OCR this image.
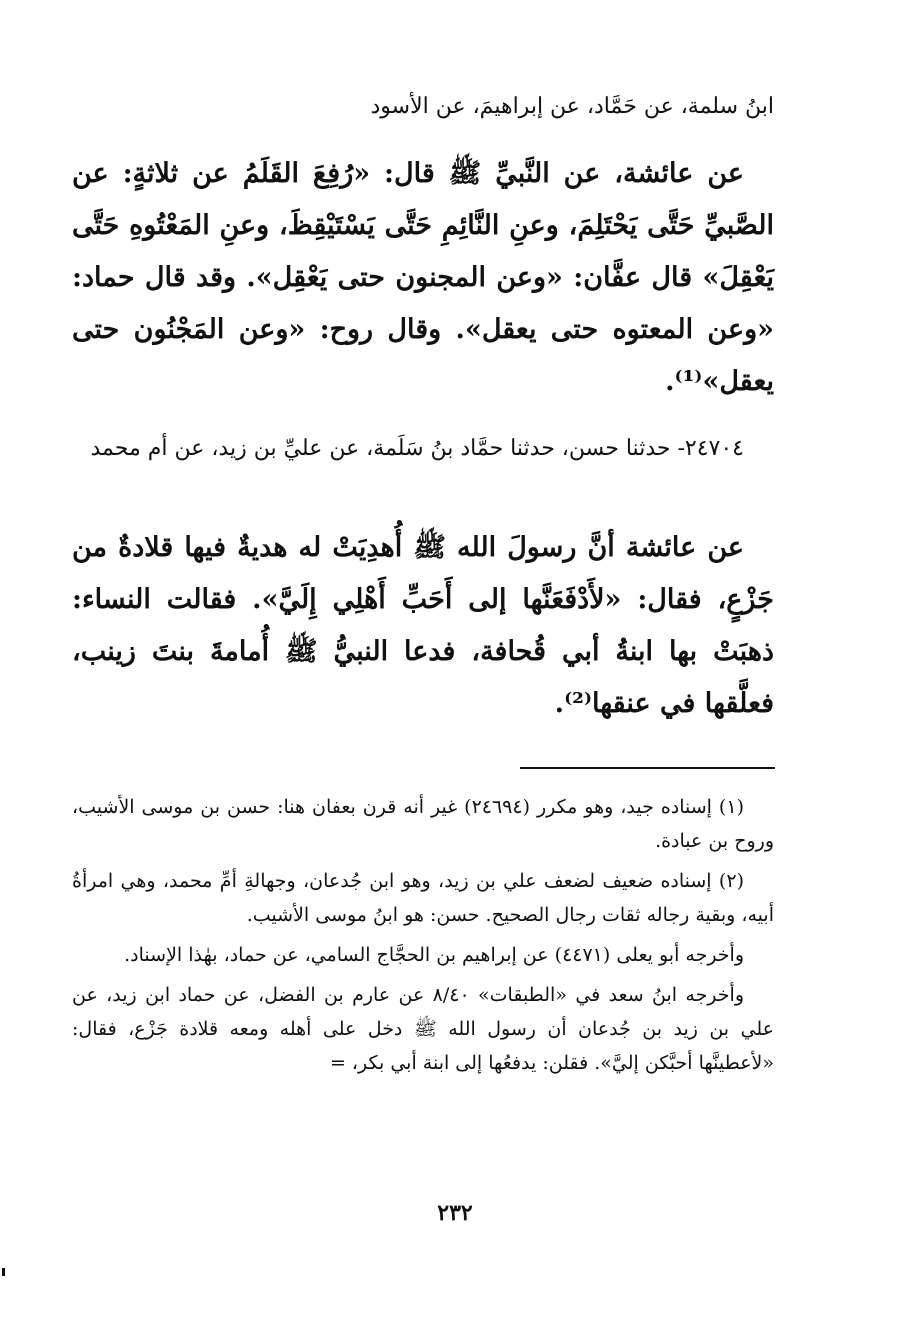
ابنُ سلمة، عن حَمَّاد، عن إبراهيمَ، عن الأسود
عن عائشة، عن النَّبيِّ ﷺ قال: «رُفِعَ القَلَمُ عن ثلاثةٍ: عن الصَّبيِّ حَتَّى يَحْتَلِمَ، وعنِ النَّائِمِ حَتَّى يَسْتَيْقِظَ، وعنِ المَعْتُوهِ حَتَّى يَعْقِلَ» قال عفَّان: «وعن المجنون حتى يَعْقِل». وقد قال حماد: «وعن المعتوه حتى يعقل». وقال روح: «وعن المَجْنُون حتى يعقل»⁽¹⁾.
٢٤٧٠٤- حدثنا حسن، حدثنا حمَّاد بنُ سَلَمة، عن عليِّ بن زيد، عن أم محمد
عن عائشة أنَّ رسولَ الله ﷺ أُهدِيَتْ له هديةٌ فيها قلادةٌ من جَزْعٍ، فقال: «لأَدْفَعَنَّها إلى أَحَبِّ أَهْلِي إِلَيَّ». فقالت النساء: ذهبَتْ بها ابنةُ أبي قُحافة، فدعا النبيُّ ﷺ أُمامةَ بنتَ زينب، فعلَّقها في عنقها⁽²⁾.

(١) إسناده جيد، وهو مكرر (٢٤٦٩٤) غير أنه قرن بعفان هنا: حسن بن موسى الأشيب، وروح بن عبادة.

(٢) إسناده ضعيف لضعف علي بن زيد، وهو ابن جُدعان، وجهالةِ أمِّ محمد، وهي امرأةُ أبيه، وبقية رجاله ثقات رجال الصحيح. حسن: هو ابنُ موسى الأشيب.

وأخرجه أبو يعلى (٤٤٧١) عن إبراهيم بن الحجَّاج السامي، عن حماد، بهٰذا الإسناد.

وأخرجه ابنُ سعد في «الطبقات» ٨/٤٠ عن عارم بن الفضل، عن حماد ابن زيد، عن علي بن زيد بن جُدعان أن رسول الله ﷺ دخل على أهله ومعه قلادة جَزْع، فقال: «لأعطينَّها أحبَّكن إليَّ». فقلن: يدفعُها إلى ابنة أبي بكر، =

٢٣٢
